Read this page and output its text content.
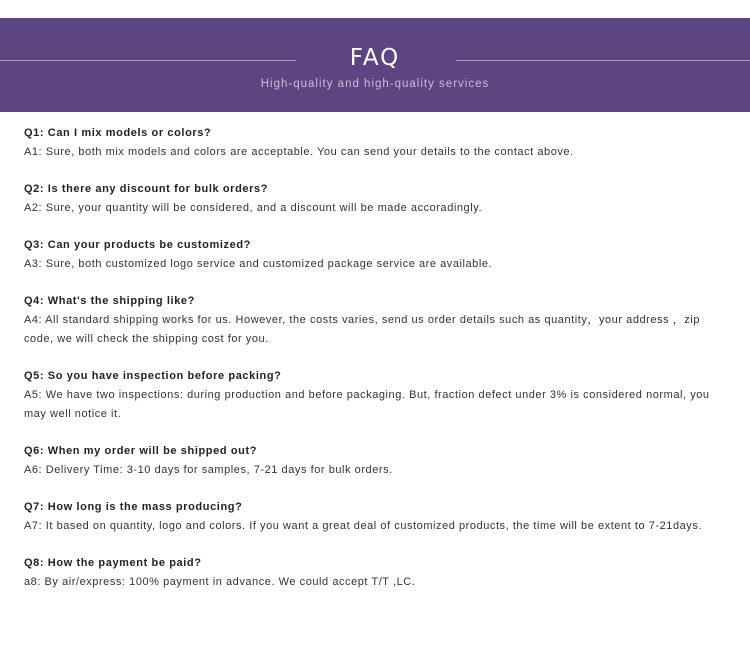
FAQ
High-quality and high-quality services
Q1: Can I mix models or colors?
A1: Sure, both mix models and colors are acceptable. You can send your details to the contact above.
Q2: Is there any discount for bulk orders?
A2: Sure, your quantity will be considered, and a discount will be made accoradingly.
Q3: Can your products be customized?
A3: Sure, both customized logo service and customized package service are available.
Q4: What's the shipping like?
A4: All standard shipping works for us. However, the costs varies, send us order details such as quantity，your address ，zip code, we will check the shipping cost for you.
Q5: So you have inspection before packing?
A5: We have two inspections: during production and before packaging. But, fraction defect under 3% is considered normal, you may well notice it.
Q6: When my order will be shipped out?
A6: Delivery Time: 3-10 days for samples, 7-21 days for bulk orders.
Q7: How long is the mass producing?
A7: It based on quantity, logo and colors. If you want a great deal of customized products, the time will be extent to 7-21days.
Q8: How the payment be paid?
a8: By air/express: 100% payment in advance. We could accept T/T ,LC.
